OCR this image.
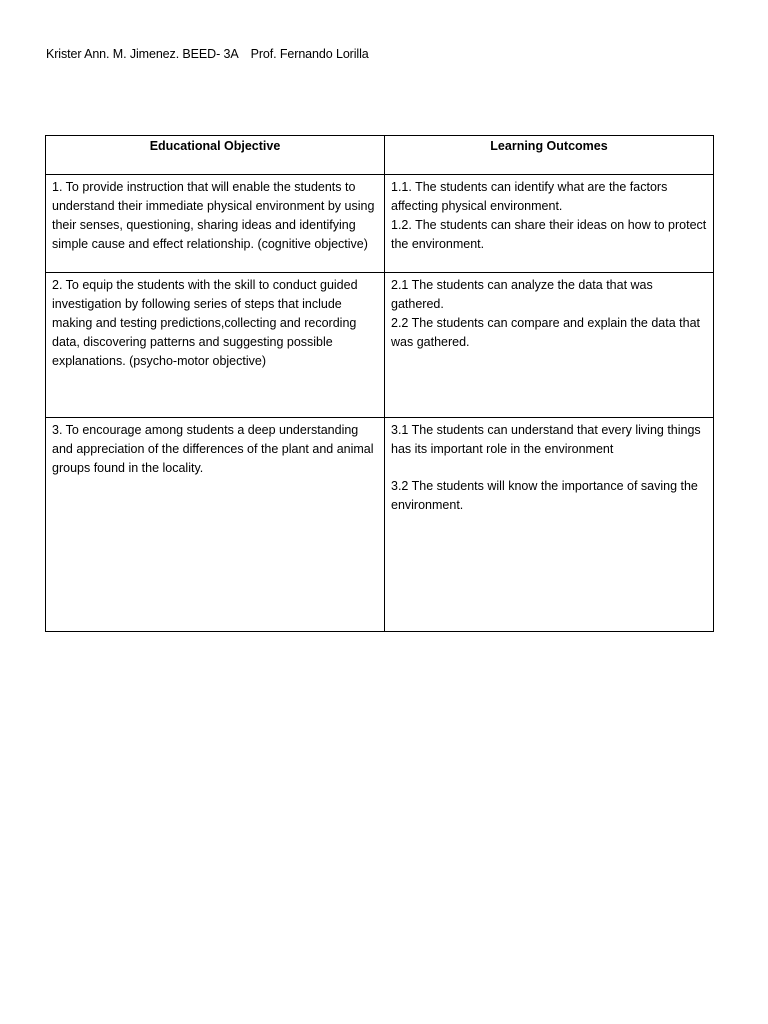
Krister Ann. M. Jimenez. BEED- 3A Prof. Fernando Lorilla
Educational Objective	Learning Outcomes
1. To provide instruction that will enable the students to understand their immediate physical environment by using their senses, questioning, sharing ideas and identifying simple cause and effect relationship. (cognitive objective)	1.1. The students can identify what are the factors affecting physical environment.
1.2. The students can share their ideas on how to protect the environment.

2. To equip the students with the skill to conduct guided investigation by following series of steps that include making and testing predictions,collecting and recording data, discovering patterns and suggesting possible explanations. (psycho-motor objective)	2.1 The students can analyze the data that was gathered.
2.2 The students can compare and explain the data that was gathered.

3. To encourage among students a deep understanding and appreciation of the differences of the plant and animal groups found in the locality.	3.1 The students can understand that every living things has its important role in the environment
3.2 The students will know the importance of saving the environment.
